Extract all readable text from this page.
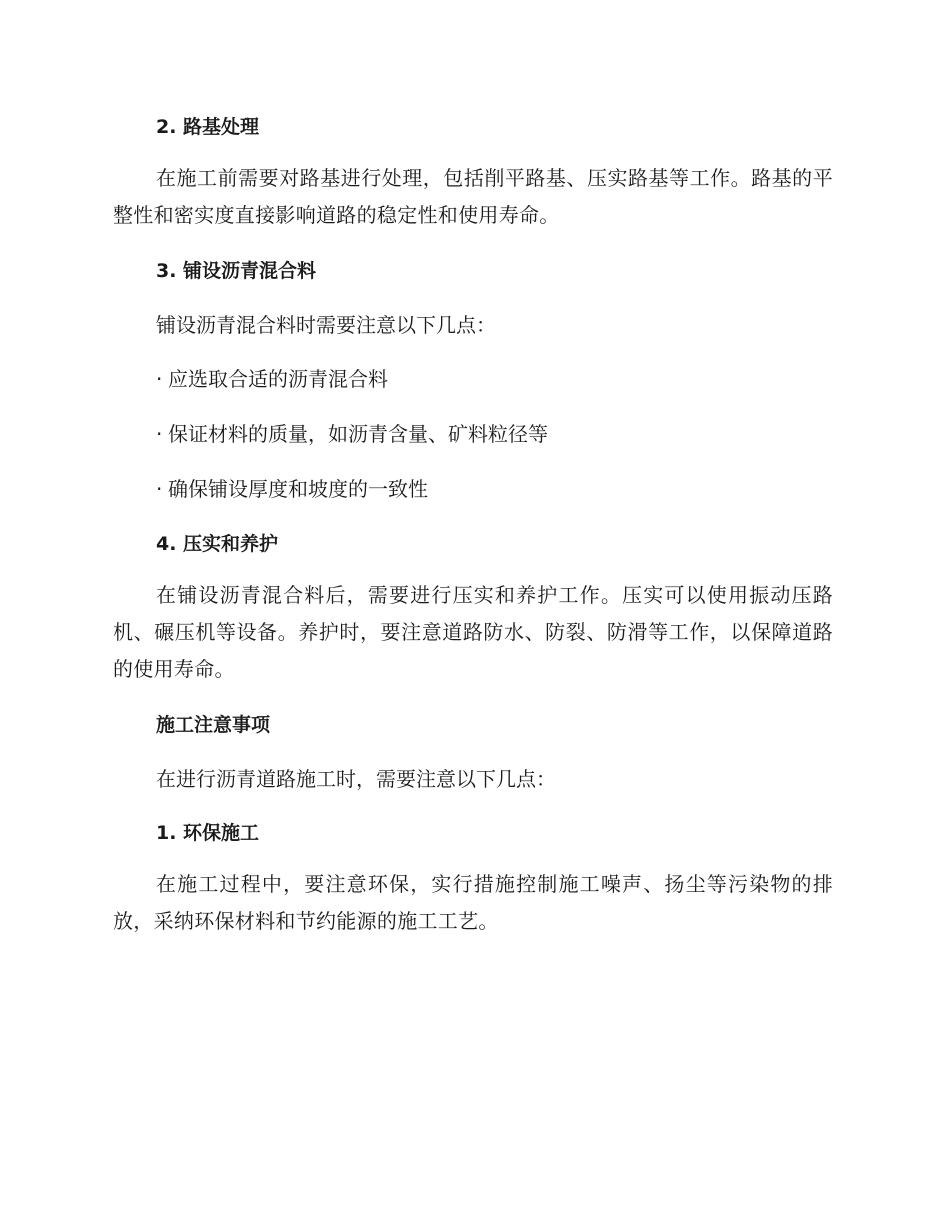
2. 路基处理

在施工前需要对路基进行处理，包括削平路基、压实路基等工作。路基的平整性和密实度直接影响道路的稳定性和使用寿命。

3. 铺设沥青混合料
铺设沥青混合料时需要注意以下几点：
· 应选取合适的沥青混合料
· 保证材料的质量，如沥青含量、矿料粒径等
· 确保铺设厚度和坡度的一致性
4. 压实和养护

在铺设沥青混合料后，需要进行压实和养护工作。压实可以使用振动压路机、碾压机等设备。养护时，要注意道路防水、防裂、防滑等工作，以保障道路的使用寿命。

施工注意事项
在进行沥青道路施工时，需要注意以下几点：
1. 环保施工

在施工过程中，要注意环保，实行措施控制施工噪声、扬尘等污染物的排放，采纳环保材料和节约能源的施工工艺。
